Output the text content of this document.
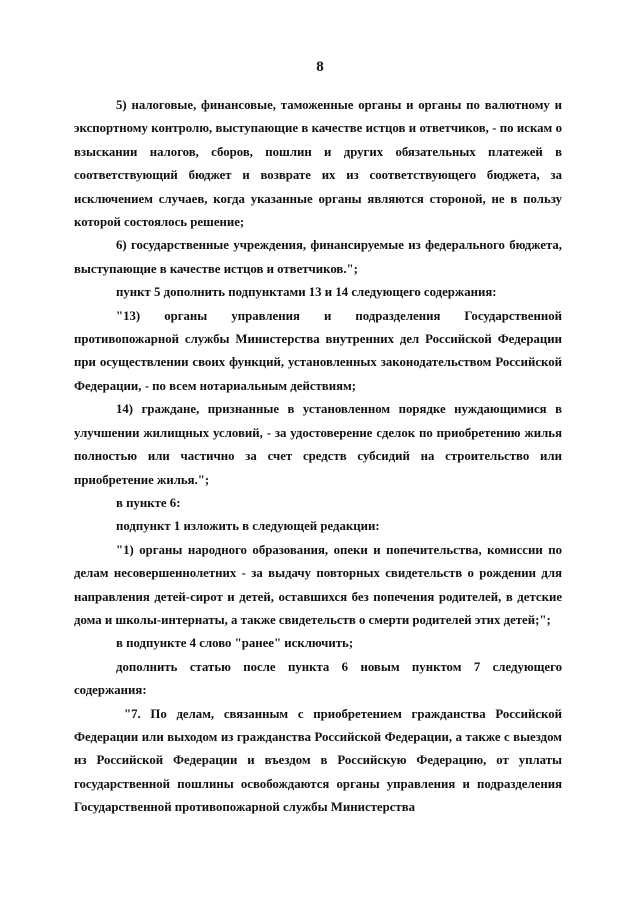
8

5) налоговые, финансовые, таможенные органы и органы по валютному и экспортному контролю, выступающие в качестве истцов и ответчиков, - по искам о взыскании налогов, сборов, пошлин и других обязательных платежей в соответствующий бюджет и возврате их из соответствующего бюджета, за исключением случаев, когда указанные органы являются стороной, не в пользу которой состоялось решение;

6) государственные учреждения, финансируемые из федерального бюджета, выступающие в качестве истцов и ответчиков.";

пункт 5 дополнить подпунктами 13 и 14 следующего содержания:

"13) органы управления и подразделения Государственной противопожарной службы Министерства внутренних дел Российской Федерации при осуществлении своих функций, установленных законодательством Российской Федерации, - по всем нотариальным действиям;

14) граждане, признанные в установленном порядке нуждающимися в улучшении жилищных условий, - за удостоверение сделок по приобретению жилья полностью или частично за счет средств субсидий на строительство или приобретение жилья.";

в пункте 6:

подпункт 1 изложить в следующей редакции:

"1) органы народного образования, опеки и попечительства, комиссии по делам несовершеннолетних - за выдачу повторных свидетельств о рождении для направления детей-сирот и детей, оставшихся без попечения родителей, в детские дома и школы-интернаты, а также свидетельств о смерти родителей этих детей;";

в подпункте 4 слово "ранее" исключить;

дополнить статью после пункта 6 новым пунктом 7 следующего содержания:

"7. По делам, связанным с приобретением гражданства Российской Федерации или выходом из гражданства Российской Федерации, а также с выездом из Российской Федерации и въездом в Российскую Федерацию, от уплаты государственной пошлины освобождаются органы управления и подразделения Государственной противопожарной службы Министерства
